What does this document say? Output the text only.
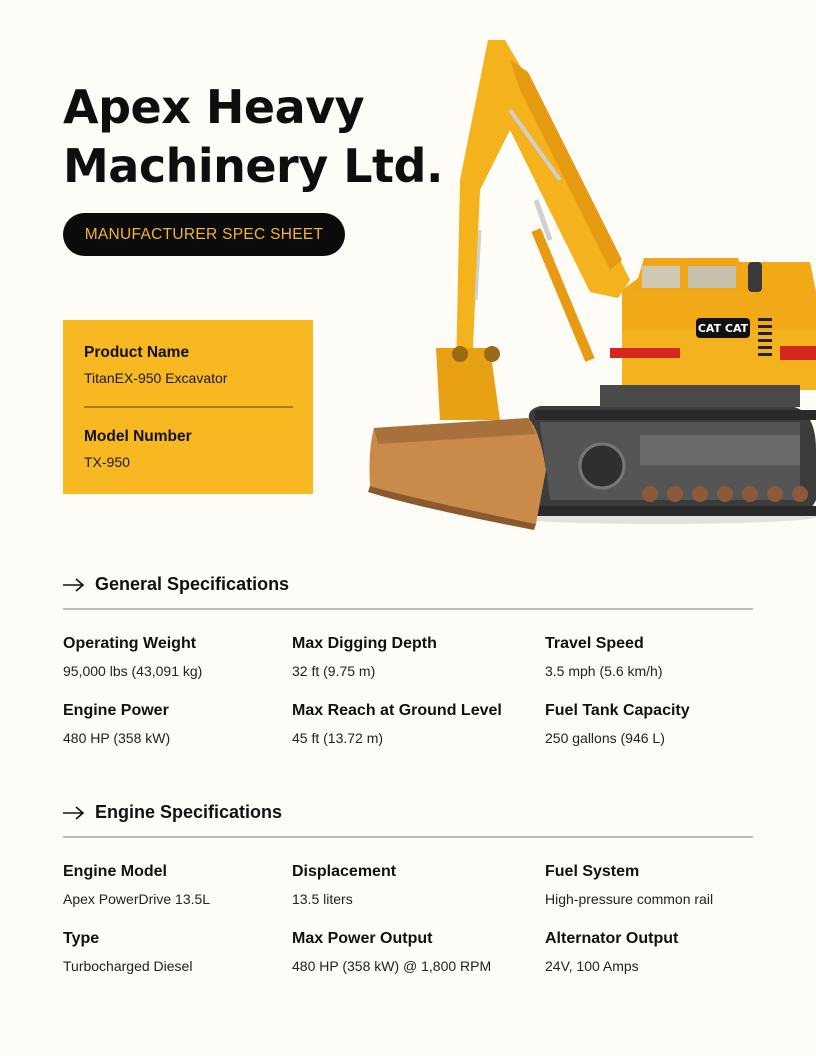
Apex Heavy Machinery Ltd.
MANUFACTURER SPEC SHEET
Product Name
TitanEX-950 Excavator
Model Number
TX-950
CAT CAT
General Specifications
Operating Weight
95,000 lbs (43,091 kg)
Max Digging Depth
32 ft (9.75 m)
Travel Speed
3.5 mph (5.6 km/h)
Engine Power
480 HP (358 kW)
Max Reach at Ground Level
45 ft (13.72 m)
Fuel Tank Capacity
250 gallons (946 L)
Engine Specifications
Engine Model
Apex PowerDrive 13.5L
Displacement
13.5 liters
Fuel System
High-pressure common rail
Type
Turbocharged Diesel
Max Power Output
480 HP (358 kW) @ 1,800 RPM
Alternator Output
24V, 100 Amps
